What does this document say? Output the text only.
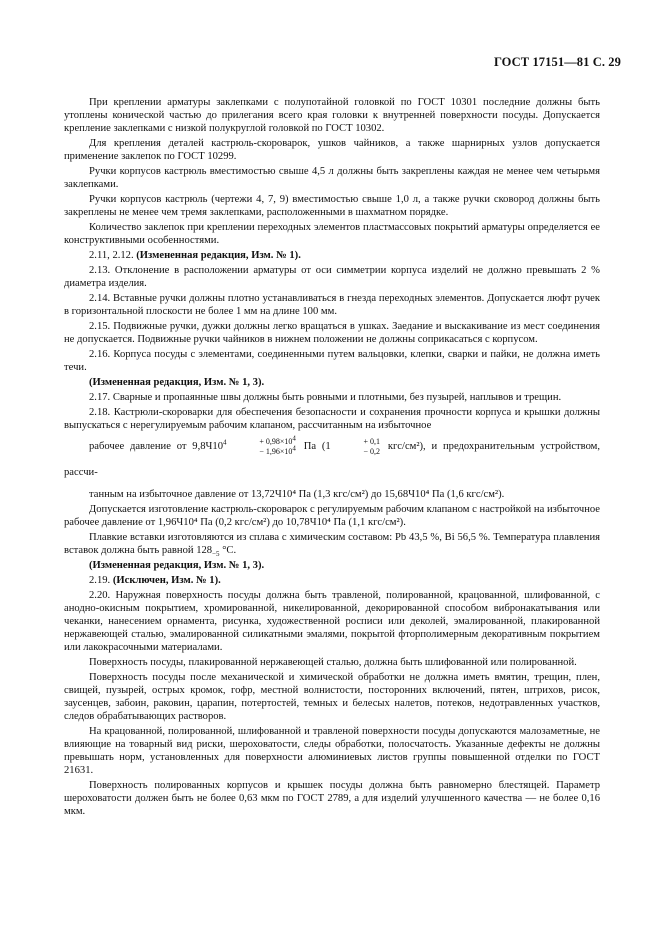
ГОСТ 17151—81 С. 29

При креплении арматуры заклепками с полупотайной головкой по ГОСТ 10301 последние должны быть утоплены конической частью до прилегания всего края головки к внутренней поверхности посуды. Допускается крепление заклепками с низкой полукруглой головкой по ГОСТ 10302.

Для крепления деталей кастрюль-скороварок, ушков чайников, а также шарнирных узлов допускается применение заклепок по ГОСТ 10299.

Ручки корпусов кастрюль вместимостью свыше 4,5 л должны быть закреплены каждая не менее чем четырьмя заклепками.

Ручки корпусов кастрюль (чертежи 4, 7, 9) вместимостью свыше 1,0 л, а также ручки сковород должны быть закреплены не менее чем тремя заклепками, расположенными в шахматном порядке.

Количество заклепок при креплении переходных элементов пластмассовых покрытий арматуры определяется ее конструктивными особенностями.

2.11, 2.12. (Измененная редакция, Изм. № 1).

2.13. Отклонение в расположении арматуры от оси симметрии корпуса изделий не должно превышать 2 % диаметра изделия.

2.14. Вставные ручки должны плотно устанавливаться в гнезда переходных элементов. Допускается люфт ручек в горизонтальной плоскости не более 1 мм на длине 100 мм.

2.15. Подвижные ручки, дужки должны легко вращаться в ушках. Заедание и выскакивание из мест соединения не допускается. Подвижные ручки чайников в нижнем положении не должны соприкасаться с корпусом.

2.16. Корпуса посуды с элементами, соединенными путем вальцовки, клепки, сварки и пайки, не должна иметь течи.

(Измененная редакция, Изм. № 1, 3).

2.17. Сварные и пропаянные швы должны быть ровными и плотными, без пузырей, наплывов и трещин.

2.18. Кастрюли-скороварки для обеспечения безопасности и сохранения прочности корпуса и крышки должны выпускаться с нерегулируемым рабочим клапаном, рассчитанным на избыточное

рабочее давление от $9,8Ч10^4$	+ $0,98\times 10^4$
− $1,96\times 10^4$ Па (1	+ 0,1
− 0,2 кгс/см²), и предохранительным устройством, рассчи-

танным на избыточное давление от 13,72Ч10⁴ Па (1,3 кгс/см²) до 15,68Ч10⁴ Па (1,6 кгс/см²).

Допускается изготовление кастрюль-скороварок с регулируемым рабочим клапаном с настройкой на избыточное рабочее давление от 1,96Ч10⁴ Па (0,2 кгс/см²) до 10,78Ч10⁴ Па (1,1 кгс/см²).

Плавкие вставки изготовляются из сплава с химическим составом: Pb 43,5 %, Bi 56,5 %. Температура плавления вставок должна быть равной $128_{-5}$ °С.

(Измененная редакция, Изм. № 1, 3).

2.19. (Исключен, Изм. № 1).

2.20. Наружная поверхность посуды должна быть травленой, полированной, крацованной, шлифованной, с анодно-окисным покрытием, хромированной, никелированной, декорированной способом вибронакатывания или чеканки, нанесением орнамента, рисунка, художественной росписи или деколей, эмалированной, плакированной нержавеющей сталью, эмалированной силикатными эмалями, покрытой фторполимерным декоративным покрытием или лакокрасочными материалами.

Поверхность посуды, плакированной нержавеющей сталью, должна быть шлифованной или полированной.

Поверхность посуды после механической и химической обработки не должна иметь вмятин, трещин, плен, свищей, пузырей, острых кромок, гофр, местной волнистости, посторонних включений, пятен, штрихов, рисок, заусенцев, забоин, раковин, царапин, потертостей, темных и белесых налетов, потеков, недотравленных участков, следов обрабатывающих растворов.

На крацованной, полированной, шлифованной и травленой поверхности посуды допускаются малозаметные, не влияющие на товарный вид риски, шероховатости, следы обработки, полосчатость. Указанные дефекты не должны превышать норм, установленных для поверхности алюминиевых листов группы повышенной отделки по ГОСТ 21631.

Поверхность полированных корпусов и крышек посуды должна быть равномерно блестящей. Параметр шероховатости должен быть не более 0,63 мкм по ГОСТ 2789, а для изделий улучшенного качества — не более 0,16 мкм.
